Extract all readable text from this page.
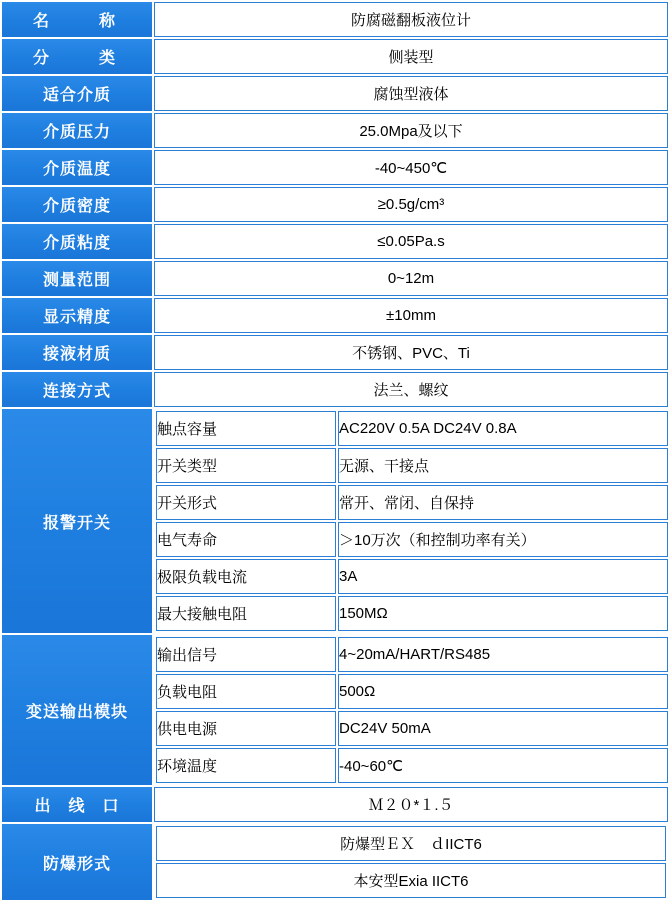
名　　称	防腐磁翻板液位计
分　　类	侧装型
适合介质	腐蚀型液体
介质压力	25.0Mpa及以下
介质温度	-40~450℃
介质密度	≥0.5g/cm³
介质粘度	≤0.05Pa.s
测量范围	0~12m
显示精度	±10mm
接液材质	不锈钢、PVC、Ti
连接方式	法兰、螺纹
报警开关	
触点容量	AC220V 0.5A DC24V 0.8A
开关类型	无源、干接点
开关形式	常开、常闭、自保持
电气寿命	＞10万次（和控制功率有关）
极限负载电流	3A
最大接触电阻	150MΩ

变送输出模块	
输出信号	4~20mA/HART/RS485
负载电阻	500Ω
供电电源	DC24V 50mA
环境温度	-40~60℃

出　线　口	Ｍ２０*１.５
防爆形式	
防爆型ＥＸ　ｄIICT6
本安型Exia IICT6
